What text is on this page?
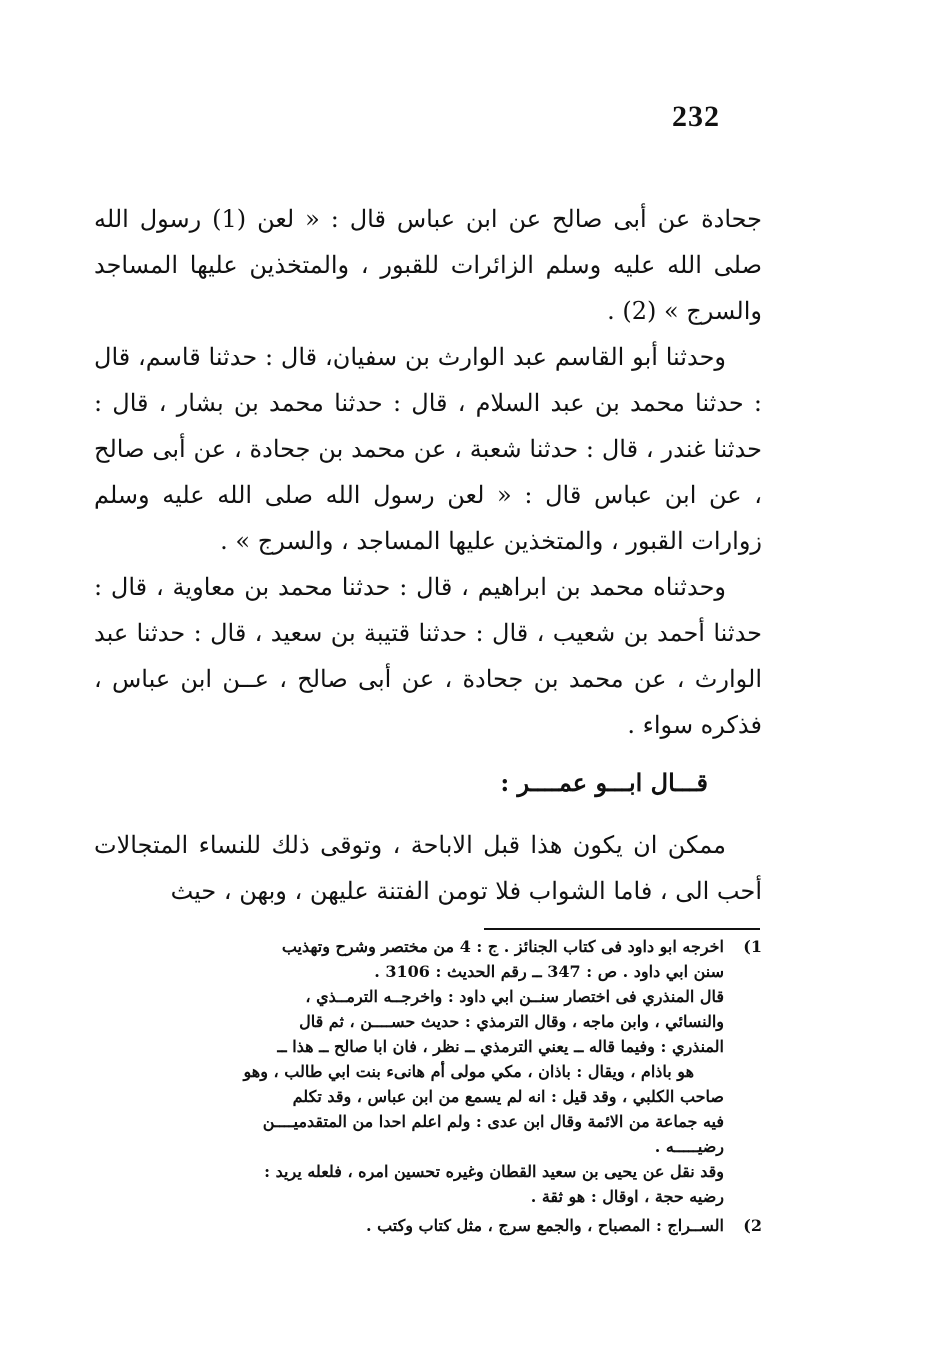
232

جحادة عن أبى صالح عن ابن عباس قال : « لعن (1) رسول الله صلى الله عليه وسلم الزائرات للقبور ، والمتخذين عليها المساجد والسرج » (2) .

وحدثنا أبو القاسم عبد الوارث بن سفيان، قال : حدثنا قاسم، قال : حدثنا محمد بن عبد السلام ، قال : حدثنا محمد بن بشار ، قال : حدثنا غندر ، قال : حدثنا شعبة ، عن محمد بن جحادة ، عن أبى صالح ، عن ابن عباس قال : « لعن رسول الله صلى الله عليه وسلم زوارات القبور ، والمتخذين عليها المساجد ، والسرج » .

وحدثناه محمد بن ابراهيم ، قال : حدثنا محمد بن معاوية ، قال : حدثنا أحمد بن شعيب ، قال : حدثنا قتيبة بن سعيد ، قال : حدثنا عبد الوارث ، عن محمد بن جحادة ، عن أبى صالح ، عــن ابن عباس ، فذكره سواء .

قـــال ابـــو عمــــر :

ممكن ان يكون هذا قبل الاباحة ، وتوقى ذلك للنساء المتجالات أحب الى ، فاما الشواب فلا تومن الفتنة عليهن ، وبهن ، حيث

1)
اخرجه ابو داود فى كتاب الجنائز . ج : 4 من مختصر وشرح وتهذيب
سنن ابي داود . ص : 347 ــ رقم الحديث : 3106 .
قال المنذري فى اختصار سنــن ابي داود : واخرجــه الترمــذي ،
والنسائي ، وابن ماجه ، وقال الترمذي : حديث حســــن ، ثم قال
المنذري : وفيما قاله ــ يعني الترمذي ــ نظر ، فان ابا صالح ــ هذا ــ
هو باذام ، ويقال : باذان ، مكي مولى أم هانىء بنت ابي طالب ، وهو
صاحب الكلبي ، وقد قيل : انه لم يسمع من ابن عباس ، وقد تكلم
فيه جماعة من الائمة وقال ابن عدى : ولم اعلم احدا من المتقدميــــن
رضيـــــه .
وقد نقل عن يحيى بن سعيد القطان وغيره تحسين امره ، فلعله يريد :
رضيه حجة ، اوقال : هو ثقة .
2)
الســراج : المصباح ، والجمع سرج ، مثل كتاب وكتب .
